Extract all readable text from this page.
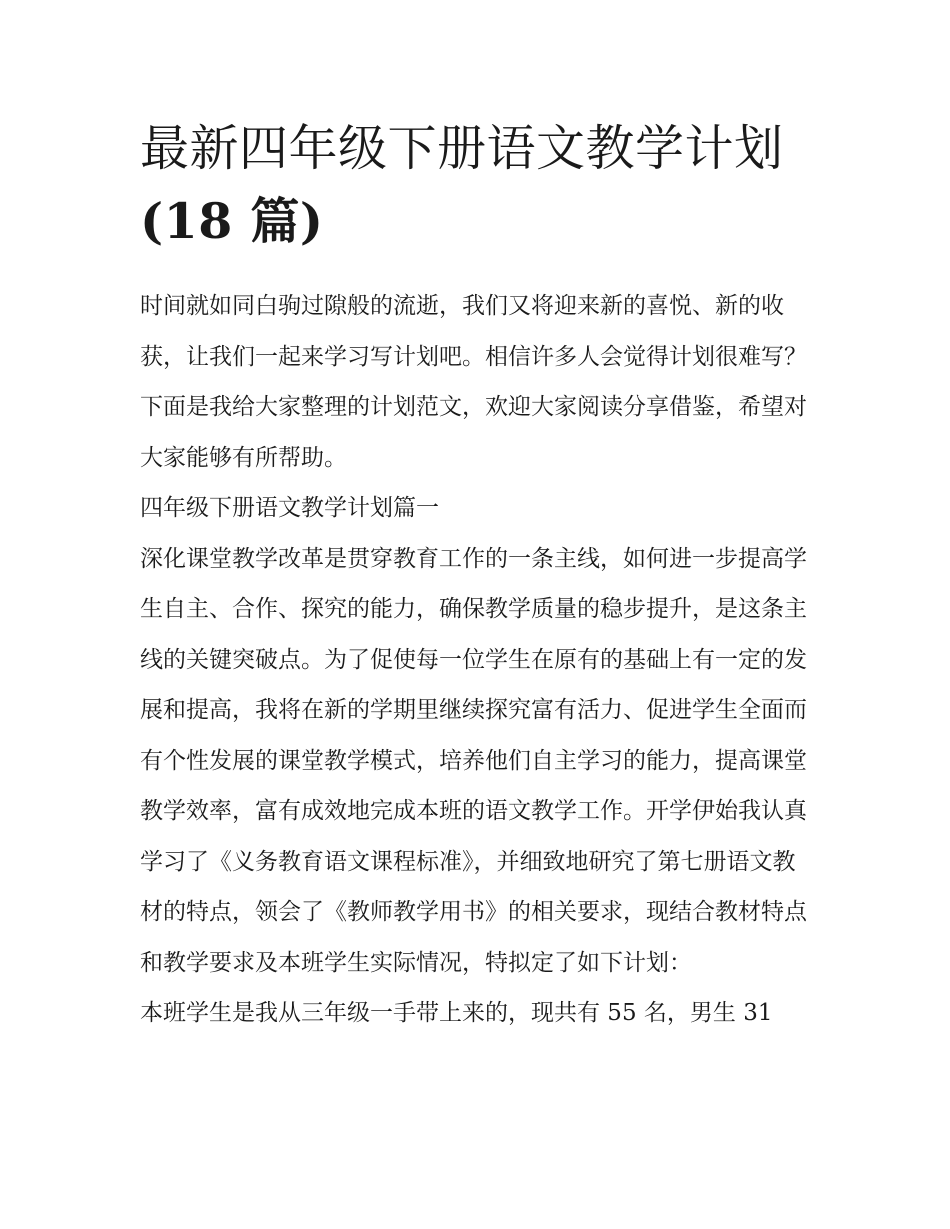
最新四年级下册语文教学计划
(18 篇)

时间就如同白驹过隙般的流逝，我们又将迎来新的喜悦、新的收获，让我们一起来学习写计划吧。相信许多人会觉得计划很难写？下面是我给大家整理的计划范文，欢迎大家阅读分享借鉴，希望对大家能够有所帮助。

四年级下册语文教学计划篇一

深化课堂教学改革是贯穿教育工作的一条主线，如何进一步提高学生自主、合作、探究的能力，确保教学质量的稳步提升，是这条主线的关键突破点。为了促使每一位学生在原有的基础上有一定的发展和提高，我将在新的学期里继续探究富有活力、促进学生全面而有个性发展的课堂教学模式，培养他们自主学习的能力，提高课堂教学效率，富有成效地完成本班的语文教学工作。开学伊始我认真学习了《义务教育语文课程标准》，并细致地研究了第七册语文教材的特点，领会了《教师教学用书》的相关要求，现结合教材特点和教学要求及本班学生实际情况，特拟定了如下计划：

本班学生是我从三年级一手带上来的，现共有 55 名，男生 31
